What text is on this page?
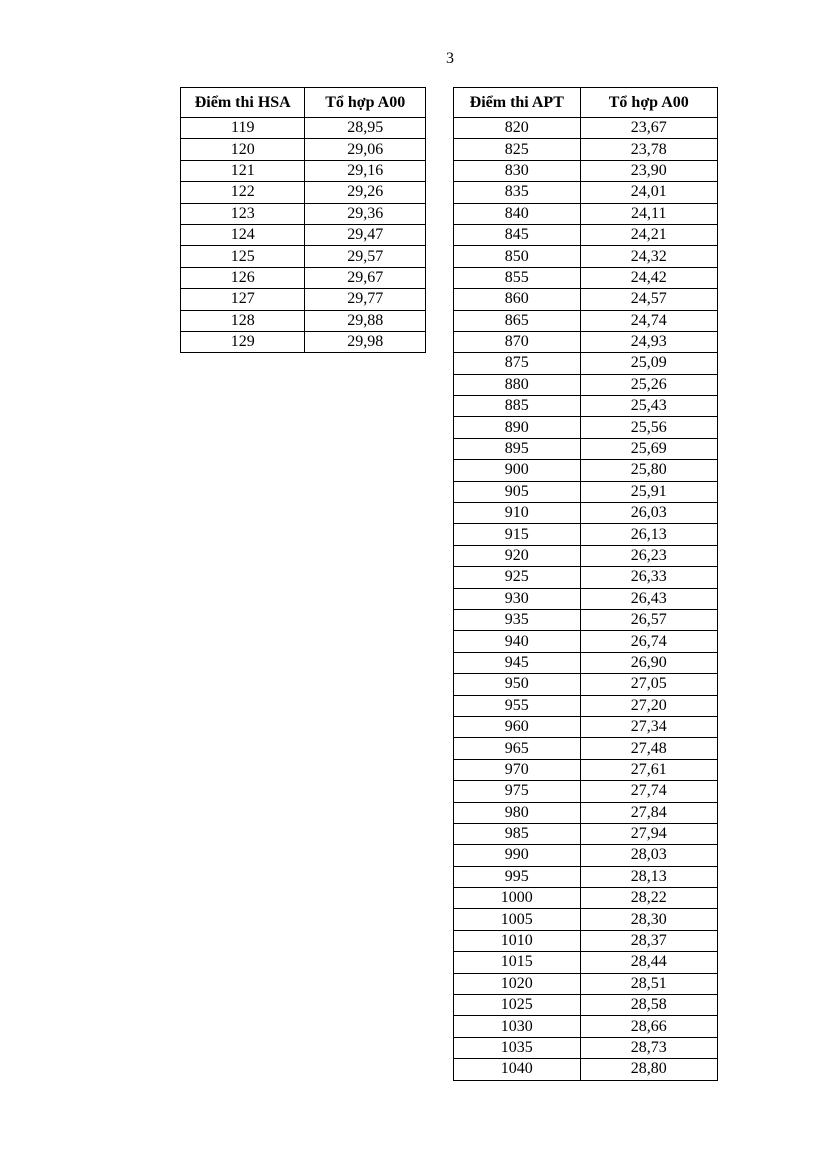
3
Điểm thi HSA	Tổ hợp A00
119	28,95
120	29,06
121	29,16
122	29,26
123	29,36
124	29,47
125	29,57
126	29,67
127	29,77
128	29,88
129	29,98
Điểm thi APT	Tổ hợp A00
820	23,67
825	23,78
830	23,90
835	24,01
840	24,11
845	24,21
850	24,32
855	24,42
860	24,57
865	24,74
870	24,93
875	25,09
880	25,26
885	25,43
890	25,56
895	25,69
900	25,80
905	25,91
910	26,03
915	26,13
920	26,23
925	26,33
930	26,43
935	26,57
940	26,74
945	26,90
950	27,05
955	27,20
960	27,34
965	27,48
970	27,61
975	27,74
980	27,84
985	27,94
990	28,03
995	28,13
1000	28,22
1005	28,30
1010	28,37
1015	28,44
1020	28,51
1025	28,58
1030	28,66
1035	28,73
1040	28,80
